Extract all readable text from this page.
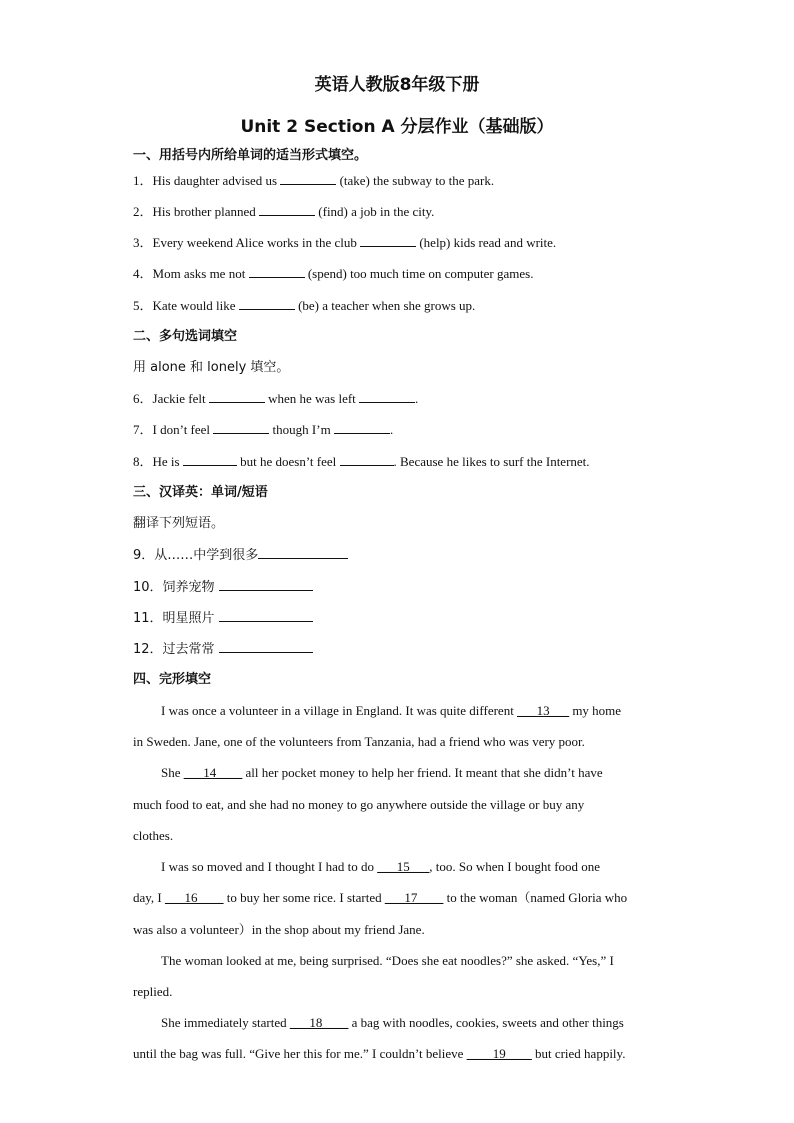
英语人教版8年级下册
Unit 2 Section A 分层作业（基础版）

一、用括号内所给单词的适当形式填空。

1．His daughter advised us	(take) the subway to the park.

2．His brother planned	(find) a job in the city.

3．Every weekend Alice works in the club	(help) kids read and write.

4．Mom asks me not	(spend) too much time on computer games.

5．Kate would like	(be) a teacher when she grows up.

二、多句选词填空

用 alone 和 lonely 填空。

6．Jackie felt	when he was left	.

7．I don’t feel	though I’m	.

8．He is	but he doesn’t feel	. Because he likes to surf the Internet.

三、汉译英：单词/短语

翻译下列短语。

9．从……中学到很多

10．饲养宠物

11．明星照片

12．过去常常

四、完形填空

I was once a volunteer in a village in England. It was quite different ___13___ my home

in Sweden. Jane, one of the volunteers from Tanzania, had a friend who was very poor.

She ___14____ all her pocket money to help her friend. It meant that she didn’t have

much food to eat, and she had no money to go anywhere outside the village or buy any

clothes.

I was so moved and I thought I had to do ___15___, too. So when I bought food one

day, I ___16____ to buy her some rice. I started ___17____ to the woman（named Gloria who

was also a volunteer）in the shop about my friend Jane.

The woman looked at me, being surprised. “Does she eat noodles?” she asked. “Yes,” I

replied.

She immediately started ___18____ a bag with noodles, cookies, sweets and other things

until the bag was full. “Give her this for me.” I couldn’t believe ____19____ but cried happily.
